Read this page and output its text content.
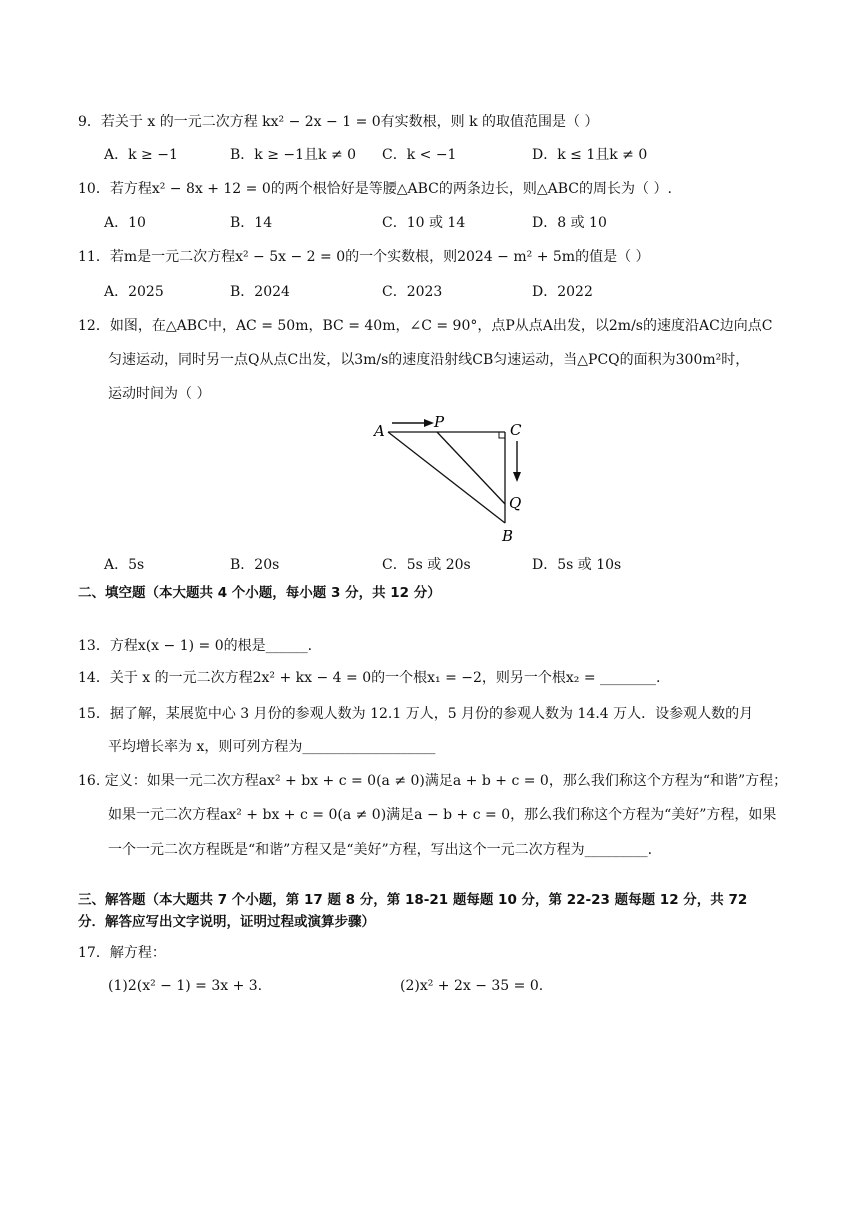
9．若关于 x 的一元二次方程 kx² − 2x − 1 = 0有实数根，则 k 的取值范围是（ ）
A．k ≥ −1	B．k ≥ −1且k ≠ 0 C．k < −1	D．k ≤ 1且k ≠ 0
10．若方程x² − 8x + 12 = 0的两个根恰好是等腰△ABC的两条边长，则△ABC的周长为（ ）.
A．10	B．14	C．10 或 14	D．8 或 10
11．若m是一元二次方程x² − 5x − 2 = 0的一个实数根，则2024 − m² + 5m的值是（ ）
A．2025	B．2024	C．2023	D．2022
12．如图，在△ABC中，AC = 50m，BC = 40m，∠C = 90°，点P从点A出发，以2m/s的速度沿AC边向点C
匀速运动，同时另一点Q从点C出发，以3m/s的速度沿射线CB匀速运动，当△PCQ的面积为300m²时，
运动时间为（ ）
A	P	C
Q
B
A．5s	B．20s	C．5s 或 20s	D．5s 或 10s
二、填空题（本大题共 4 个小题，每小题 3 分，共 12 分）
13．方程x(x − 1) = 0的根是______.
14．关于 x 的一元二次方程2x² + kx − 4 = 0的一个根x₁ = −2，则另一个根x₂ = ________.
15．据了解，某展览中心 3 月份的参观人数为 12.1 万人，5 月份的参观人数为 14.4 万人．设参观人数的月
平均增长率为 x，则可列方程为___________________
16. 定义：如果一元二次方程ax² + bx + c = 0(a ≠ 0)满足a + b + c = 0，那么我们称这个方程为“和谐”方程；
如果一元二次方程ax² + bx + c = 0(a ≠ 0)满足a − b + c = 0，那么我们称这个方程为“美好”方程，如果
一个一元二次方程既是“和谐”方程又是“美好”方程，写出这个一元二次方程为_________.
三、解答题（本大题共 7 个小题，第 17 题 8 分，第 18-21 题每题 10 分，第 22-23 题每题 12 分，共 72
分．解答应写出文字说明，证明过程或演算步骤）
17．解方程：
(1)2(x² − 1) = 3x + 3.	(2)x² + 2x − 35 = 0.
